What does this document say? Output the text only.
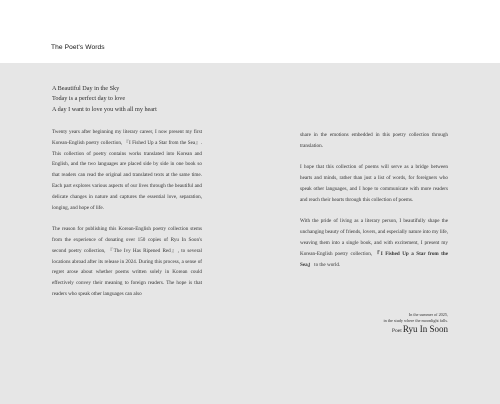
The Poet's Words
A Beautiful Day in the Sky
Today is a perfect day to love
A day I want to love you with all my heart

Twenty years after beginning my literary career, I now present my first Korean-English poetry collection, 『I Fished Up a Star from the Sea』. This collection of poetry contains works translated into Korean and English, and the two languages are placed side by side in one book so that readers can read the original and translated texts at the same time. Each part explores various aspects of our lives through the beautiful and delicate changes in nature and captures the essential love, separation, longing, and hope of life.

The reason for publishing this Korean-English poetry collection stems from the experience of donating over 150 copies of Ryu In Soon's second poetry collection, 『The Ivy Has Ripened Red』, to several locations abroad after its release in 2024. During this process, a sense of regret arose about whether poems written solely in Korean could effectively convey their meaning to foreign readers. The hope is that readers who speak other languages can also

share in the emotions embedded in this poetry collection through translation.

I hope that this collection of poems will serve as a bridge between hearts and minds, rather than just a list of words, for foreigners who speak other languages, and I hope to communicate with more readers and reach their hearts through this collection of poems.

With the pride of living as a literary person, I beautifully shape the unchanging beauty of friends, lovers, and especially nature into my life, weaving them into a single book, and with excitement, I present my Korean-English poetry collection, 『I Fished Up a Star from the Sea』 to the world.

In the summer of 2025,
in the study where the moonlight falls.
Poet Ryu In Soon
